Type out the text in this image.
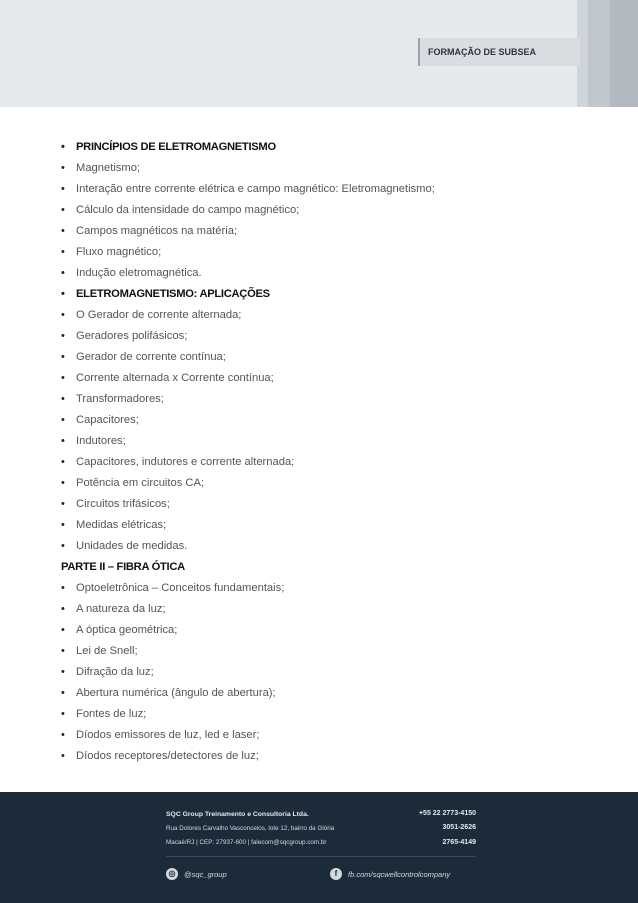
FORMAÇÃO DE SUBSEA
• PRINCÍPIOS DE ELETROMAGNETISMO
• Magnetismo;
• Interação entre corrente elétrica e campo magnético: Eletromagnetismo;
• Cálculo da intensidade do campo magnético;
• Campos magnéticos na matéria;
• Fluxo magnético;
• Indução eletromagnética.
• ELETROMAGNETISMO: APLICAÇÕES
• O Gerador de corrente alternada;
• Geradores polifásicos;
• Gerador de corrente contínua;
• Corrente alternada x Corrente contínua;
• Transformadores;
• Capacitores;
• Indutores;
• Capacitores, indutores e corrente alternada;
• Potência em circuitos CA;
• Circuitos trifásicos;
• Medidas elétricas;
• Unidades de medidas.
PARTE II – FIBRA ÓTICA
• Optoeletrônica – Conceitos fundamentais;
• A natureza da luz;
• A óptica geométrica;
• Lei de Snell;
• Difração da luz;
• Abertura numérica (ângulo de abertura);
• Fontes de luz;
• Díodos emissores de luz, led e laser;
• Díodos receptores/detectores de luz;
SQC Group Treinamento e Consultoria Ltda.
Rua Dolores Carvalho Vasconcelos, lote 12, bairro da Glória
Macaé/RJ | CEP: 27937-600 | falecom@sqcgroup.com.br
+55 22 2773-4150
3051-2626
2765-4149
◎	@sqc_group	f	fb.com/sqcwellcontrolcompany
